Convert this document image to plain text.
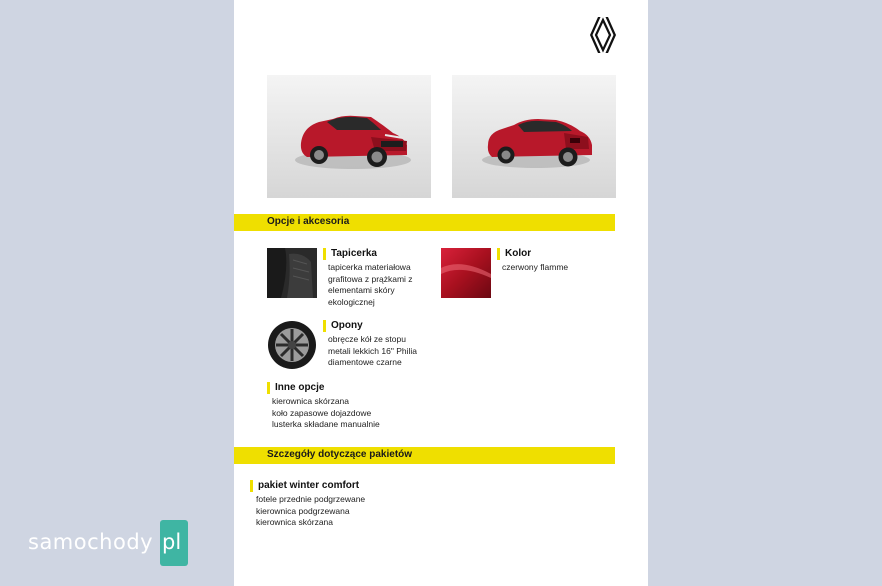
Opcje i akcesoria
Tapicerka
tapicerka materiałowa
grafitowa z prążkami z
elementami skóry
ekologicznej
Kolor
czerwony flamme
Opony
obręcze kół ze stopu
metali lekkich 16" Philia
diamentowe czarne
Inne opcje
kierownica skórzana
koło zapasowe dojazdowe
lusterka składane manualnie
Szczegóły dotyczące pakietów
pakiet winter comfort
fotele przednie podgrzewane
kierownica podgrzewana
kierownica skórzana
samochody pl
